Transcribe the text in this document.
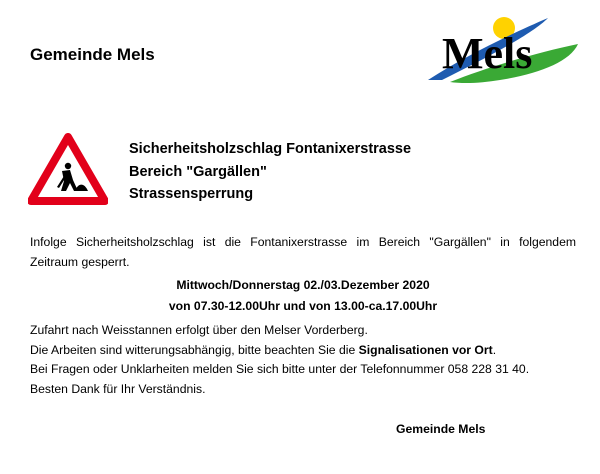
Gemeinde Mels	Mels
Sicherheitsholzschlag Fontanixerstrasse
Bereich "Gargällen"
Strassensperrung
Infolge Sicherheitsholzschlag ist die Fontanixerstrasse im Bereich "Gargällen" in folgendem
Zeitraum gesperrt.
Mittwoch/Donnerstag 02./03.Dezember 2020
von 07.30-12.00Uhr und von 13.00-ca.17.00Uhr
Zufahrt nach Weisstannen erfolgt über den Melser Vorderberg.
Die Arbeiten sind witterungsabhängig, bitte beachten Sie die Signalisationen vor Ort.
Bei Fragen oder Unklarheiten melden Sie sich bitte unter der Telefonnummer 058 228 31 40.
Besten Dank für Ihr Verständnis.
Gemeinde Mels
